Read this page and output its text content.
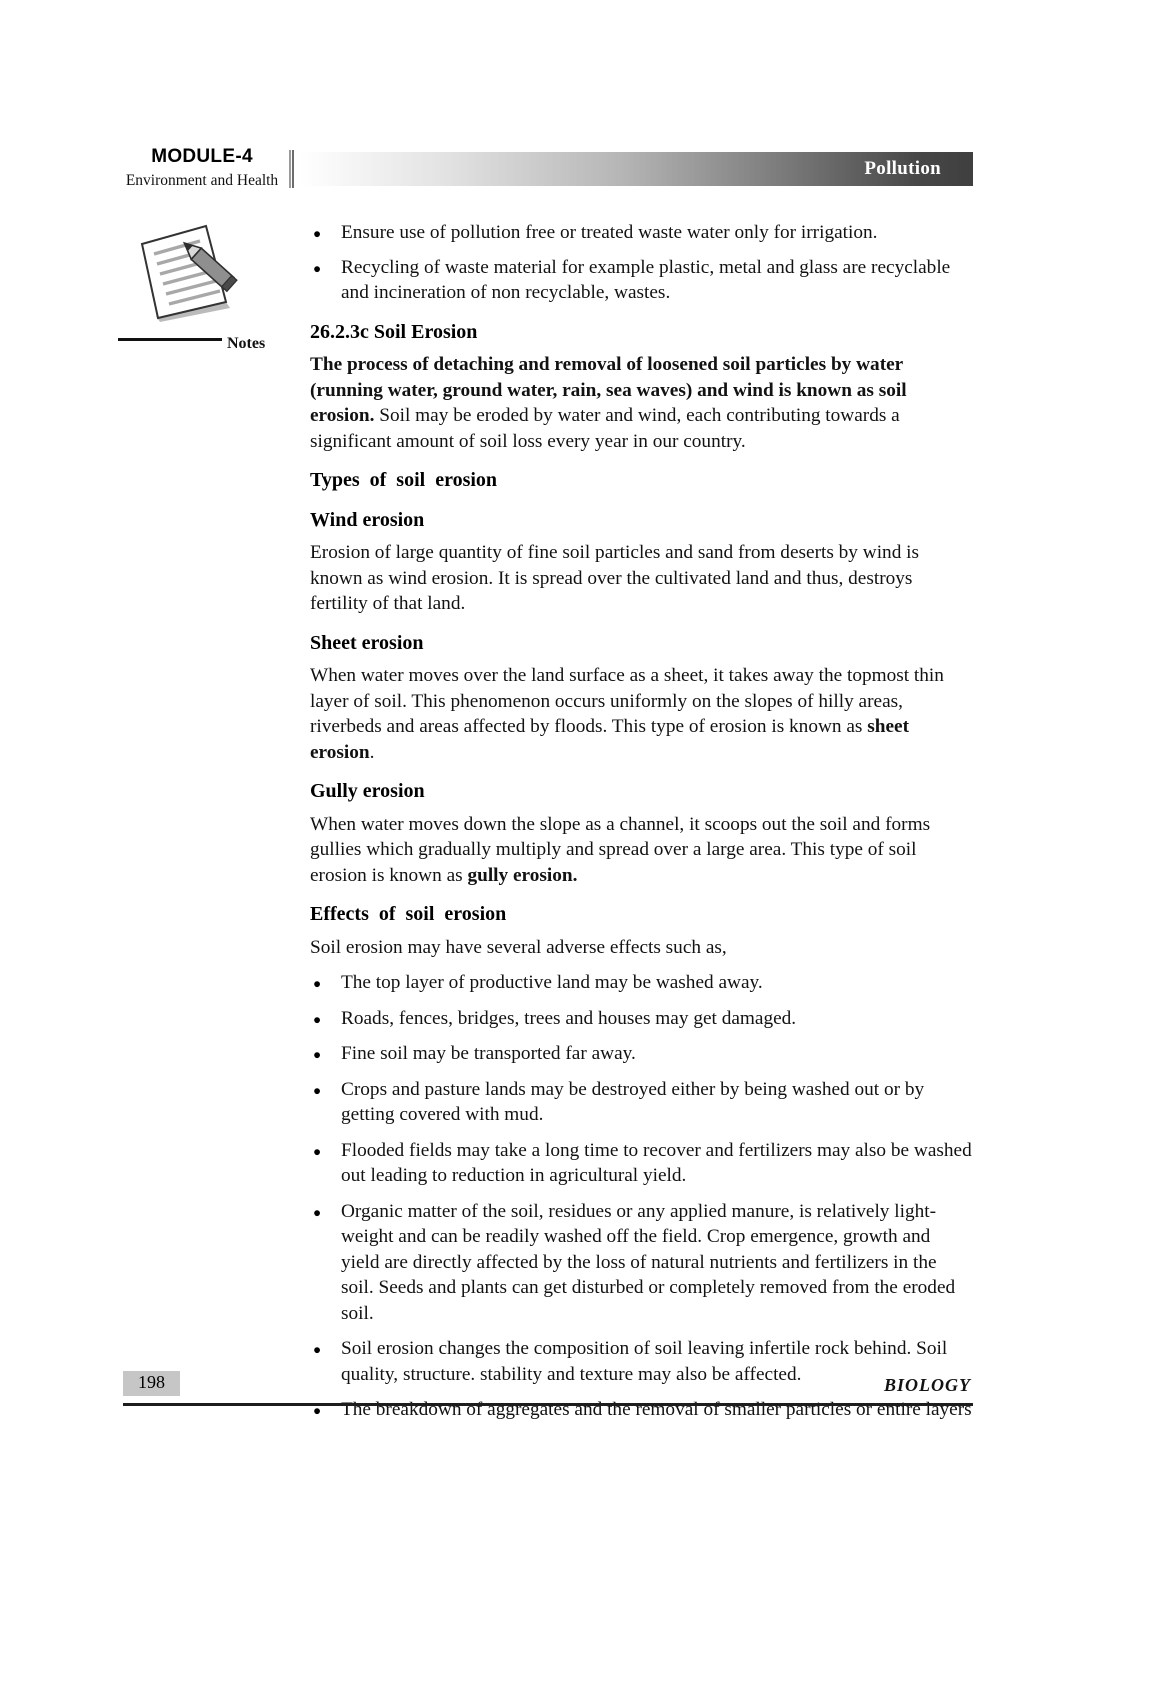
MODULE-4
Environment and Health
Notes
Pollution
● Ensure use of pollution free or treated waste water only for irrigation.
● Recycling of waste material for example plastic, metal and glass are recyclable and incineration of non recyclable, wastes.
26.2.3c Soil Erosion

The process of detaching and removal of loosened soil particles by water (running water, ground water, rain, sea waves) and wind is known as soil erosion. Soil may be eroded by water and wind, each contributing towards a significant amount of soil loss every year in our country.

Types of soil erosion
Wind erosion

Erosion of large quantity of fine soil particles and sand from deserts by wind is known as wind erosion. It is spread over the cultivated land and thus, destroys fertility of that land.

Sheet erosion

When water moves over the land surface as a sheet, it takes away the topmost thin layer of soil. This phenomenon occurs uniformly on the slopes of hilly areas, riverbeds and areas affected by floods. This type of erosion is known as sheet erosion.

Gully erosion

When water moves down the slope as a channel, it scoops out the soil and forms gullies which gradually multiply and spread over a large area. This type of soil erosion is known as gully erosion.

Effects of soil erosion

Soil erosion may have several adverse effects such as,

● The top layer of productive land may be washed away.
● Roads, fences, bridges, trees and houses may get damaged.
● Fine soil may be transported far away.
● Crops and pasture lands may be destroyed either by being washed out or by getting covered with mud.
● Flooded fields may take a long time to recover and fertilizers may also be washed out leading to reduction in agricultural yield.
● Organic matter of the soil, residues or any applied manure, is relatively light-weight and can be readily washed off the field. Crop emergence, growth and yield are directly affected by the loss of natural nutrients and fertilizers in the soil. Seeds and plants can get disturbed or completely removed from the eroded soil.
● Soil erosion changes the composition of soil leaving infertile rock behind. Soil quality, structure. stability and texture may also be affected.
● The breakdown of aggregates and the removal of smaller particles or entire layers
198	BIOLOGY
